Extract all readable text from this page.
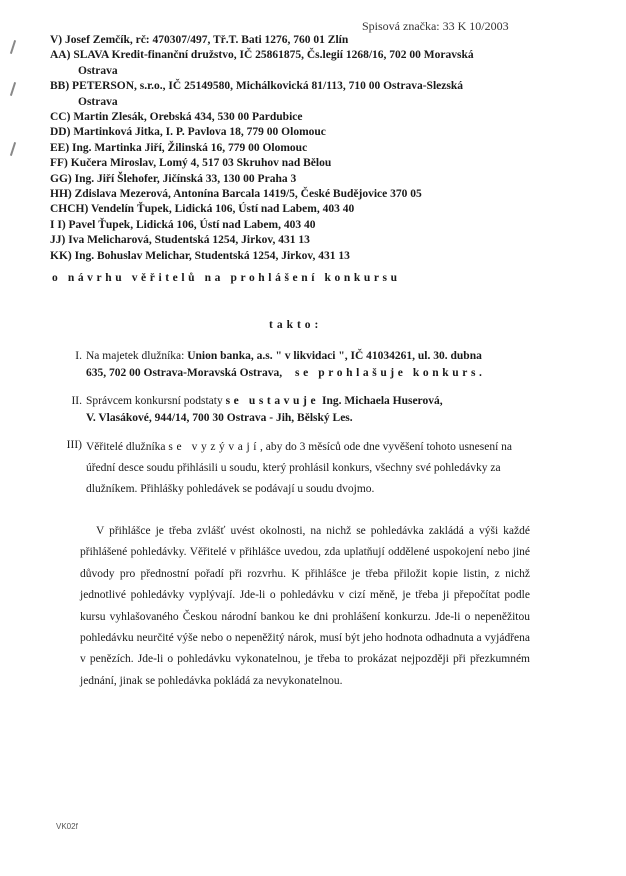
Spisová značka: 33 K 10/2003
V) Josef Zemčík, rč: 470307/497, Tř.T. Bati 1276, 760 01 Zlín
AA) SLAVA Kredit-finanční družstvo, IČ 25861875, Čs.legií 1268/16, 702 00 Moravská
Ostrava
BB) PETERSON, s.r.o., IČ 25149580, Michálkovická 81/113, 710 00 Ostrava-Slezská
Ostrava
CC) Martin Zlesák, Orebská 434, 530 00 Pardubice
DD) Martinková Jitka, I. P. Pavlova 18, 779 00 Olomouc
EE) Ing. Martinka Jiří, Žilinská 16, 779 00 Olomouc
FF) Kučera Miroslav, Lomý 4, 517 03 Skruhov nad Bělou
GG) Ing. Jiří Šlehofer, Jičínská 33, 130 00 Praha 3
HH) Zdislava Mezerová, Antonína Barcala 1419/5, České Budějovice 370 05
CHCH) Vendelín Ťupek, Lidická 106, Ústí nad Labem, 403 40
I I) Pavel Ťupek, Lidická 106, Ústí nad Labem, 403 40
JJ) Iva Melicharová, Studentská 1254, Jirkov, 431 13
KK) Ing. Bohuslav Melichar, Studentská 1254, Jirkov, 431 13
o návrhu věřitelů na prohlášení konkursu
takto:
I. Na majetek dlužníka: Union banka, a.s. " v likvidaci ", IČ 41034261, ul. 30. dubna
635, 702 00 Ostrava-Moravská Ostrava, se prohlašuje konkurs.
II. Správcem konkursní podstaty se ustavuje Ing. Michaela Huserová,
V. Vlasákové, 944/14, 700 30 Ostrava - Jih, Bělský Les.
III) Věřitelé dlužníka se vyzývají, aby do 3 měsíců ode dne vyvěšení tohoto usnesení na úřední desce soudu přihlásili u soudu, který prohlásil konkurs, všechny své pohledávky za dlužníkem. Přihlášky pohledávek se podávají u soudu dvojmo.
V přihlášce je třeba zvlášť uvést okolnosti, na nichž se pohledávka zakládá a výši každé přihlášené pohledávky. Věřitelé v přihlášce uvedou, zda uplatňují oddělené uspokojení nebo jiné důvody pro přednostní pořadí při rozvrhu. K přihlášce je třeba přiložit kopie listin, z nichž jednotlivé pohledávky vyplývají. Jde-li o pohledávku v cizí měně, je třeba ji přepočítat podle kursu vyhlašovaného Českou národní bankou ke dni prohlášení konkurzu. Jde-li o nepeněžitou pohledávku neurčité výše nebo o nepeněžitý nárok, musí být jeho hodnota odhadnuta a vyjádřena v penězích. Jde-li o pohledávku vykonatelnou, je třeba to prokázat nejpozději při přezkumném jednání, jinak se pohledávka pokládá za nevykonatelnou.
VK02f
